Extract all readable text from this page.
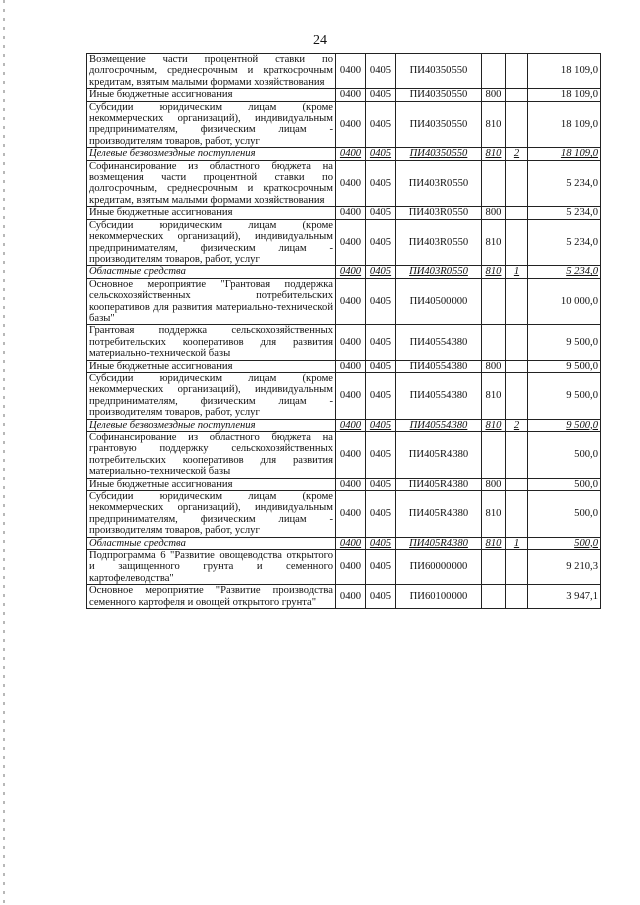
24
Возмещение части процентной ставки по долгосрочным, среднесрочным и краткосрочным кредитам, взятым малыми формами хозяйствования	0400	0405	ПИ40350550			18 109,0
Иные бюджетные ассигнования	0400	0405	ПИ40350550	800		18 109,0
Субсидии юридическим лицам (кроме некоммерческих организаций), индивидуальным предпринимателям, физическим лицам - производителям товаров, работ, услуг	0400	0405	ПИ40350550	810		18 109,0
Целевые безвозмездные поступления	0400	0405	ПИ40350550	810	2	18 109,0
Софинансирование из областного бюджета на возмещения части процентной ставки по долгосрочным, среднесрочным и краткосрочным кредитам, взятым малыми формами хозяйствования	0400	0405	ПИ403R0550			5 234,0
Иные бюджетные ассигнования	0400	0405	ПИ403R0550	800		5 234,0
Субсидии юридическим лицам (кроме некоммерческих организаций), индивидуальным предпринимателям, физическим лицам - производителям товаров, работ, услуг	0400	0405	ПИ403R0550	810		5 234,0
Областные средства	0400	0405	ПИ403R0550	810	1	5 234,0
Основное мероприятие "Грантовая поддержка сельскохозяйственных потребительских кооперативов для развития материально-технической базы"	0400	0405	ПИ40500000			10 000,0
Грантовая поддержка сельскохозяйственных потребительских кооперативов для развития материально-технической базы	0400	0405	ПИ40554380			9 500,0
Иные бюджетные ассигнования	0400	0405	ПИ40554380	800		9 500,0
Субсидии юридическим лицам (кроме некоммерческих организаций), индивидуальным предпринимателям, физическим лицам - производителям товаров, работ, услуг	0400	0405	ПИ40554380	810		9 500,0
Целевые безвозмездные поступления	0400	0405	ПИ40554380	810	2	9 500,0
Софинансирование из областного бюджета на грантовую поддержку сельскохозяйственных потребительских кооперативов для развития материально-технической базы	0400	0405	ПИ405R4380			500,0
Иные бюджетные ассигнования	0400	0405	ПИ405R4380	800		500,0
Субсидии юридическим лицам (кроме некоммерческих организаций), индивидуальным предпринимателям, физическим лицам - производителям товаров, работ, услуг	0400	0405	ПИ405R4380	810		500,0
Областные средства	0400	0405	ПИ405R4380	810	1	500,0
Подпрограмма 6 "Развитие овощеводства открытого и защищенного грунта и семенного картофелеводства"	0400	0405	ПИ60000000			9 210,3
Основное мероприятие "Развитие производства семенного картофеля и овощей открытого грунта"	0400	0405	ПИ60100000			3 947,1
